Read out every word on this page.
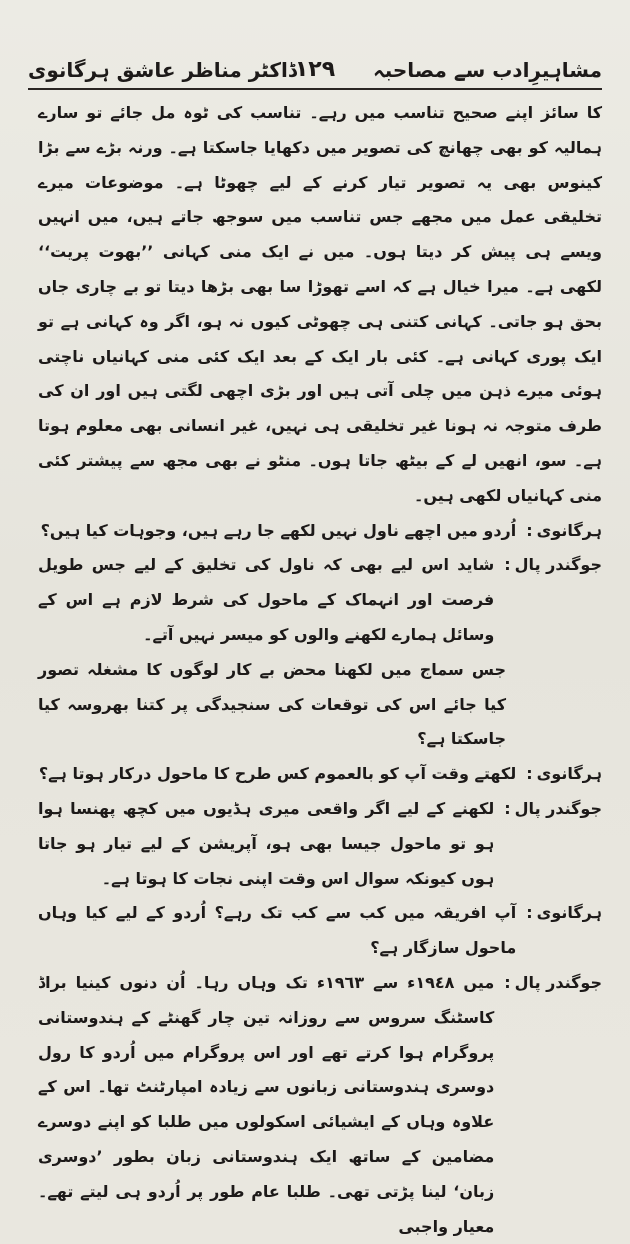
مشاہیرِادب سے مصاحبہ
١٢٩
ڈاکٹر مناظر عاشق ہرگانوی

کا سائز اپنے صحیح تناسب میں رہے۔ تناسب کی ٹوہ مل جائے تو سارے ہمالیہ کو بھی چھانچ کی تصویر میں دکھایا جاسکتا ہے۔ ورنہ بڑے سے بڑا کینوس بھی یہ تصویر تیار کرنے کے لیے چھوٹا ہے۔ موضوعات میرے تخلیقی عمل میں مجھے جس تناسب میں سوجھ جاتے ہیں، میں انہیں ویسے ہی پیش کر دیتا ہوں۔ میں نے ایک منی کہانی ’’بھوت پریت‘‘ لکھی ہے۔ میرا خیال ہے کہ اسے تھوڑا سا بھی بڑھا دیتا تو بے چاری جاں بحق ہو جاتی۔ کہانی کتنی ہی چھوٹی کیوں نہ ہو، اگر وہ کہانی ہے تو ایک پوری کہانی ہے۔ کئی بار ایک کے بعد ایک کئی منی کہانیاں ناچتی ہوئی میرے ذہن میں چلی آتی ہیں اور بڑی اچھی لگتی ہیں اور ان کی طرف متوجہ نہ ہونا غیر تخلیقی ہی نہیں، غیر انسانی بھی معلوم ہوتا ہے۔ سو، انھیں لے کے بیٹھ جاتا ہوں۔ منٹو نے بھی مجھ سے پیشتر کئی منی کہانیاں لکھی ہیں۔

ہرگانوی:
اُردو میں اچھے ناول نہیں لکھے جا رہے ہیں، وجوہات کیا ہیں؟
جوگندر پال:
شاید اس لیے بھی کہ ناول کی تخلیق کے لیے جس طویل فرصت اور انہماک کے ماحول کی شرط لازم ہے اس کے وسائل ہمارے لکھنے والوں کو میسر نہیں آتے۔

جس سماج میں لکھنا محض بے کار لوگوں کا مشغلہ تصور کیا جائے اس کی توقعات کی سنجیدگی پر کتنا بھروسہ کیا جاسکتا ہے؟

ہرگانوی:
لکھتے وقت آپ کو بالعموم کس طرح کا ماحول درکار ہوتا ہے؟
جوگندر پال:
لکھنے کے لیے اگر واقعی میری ہڈیوں میں کچھ پھنسا ہوا ہو تو ماحول جیسا بھی ہو، آپریشن کے لیے تیار ہو جاتا ہوں کیونکہ سوال اس وقت اپنی نجات کا ہوتا ہے۔
ہرگانوی:
آپ افریقہ میں کب سے کب تک رہے؟ اُردو کے لیے کیا وہاں ماحول سازگار ہے؟
جوگندر پال:
میں ١٩٤٨ء سے ١٩٦٣ء تک وہاں رہا۔ اُن دنوں کینیا براڈ کاسٹنگ سروس سے روزانہ تین چار گھنٹے کے ہندوستانی پروگرام ہوا کرتے تھے اور اس پروگرام میں اُردو کا رول دوسری ہندوستانی زبانوں سے زیادہ امپارٹنٹ تھا۔ اس کے علاوہ وہاں کے ایشیائی اسکولوں میں طلبا کو اپنے دوسرے مضامین کے ساتھ ایک ہندوستانی زبان بطور ’دوسری زبان‘ لینا پڑتی تھی۔ طلبا عام طور پر اُردو ہی لیتے تھے۔ معیار واجبی
